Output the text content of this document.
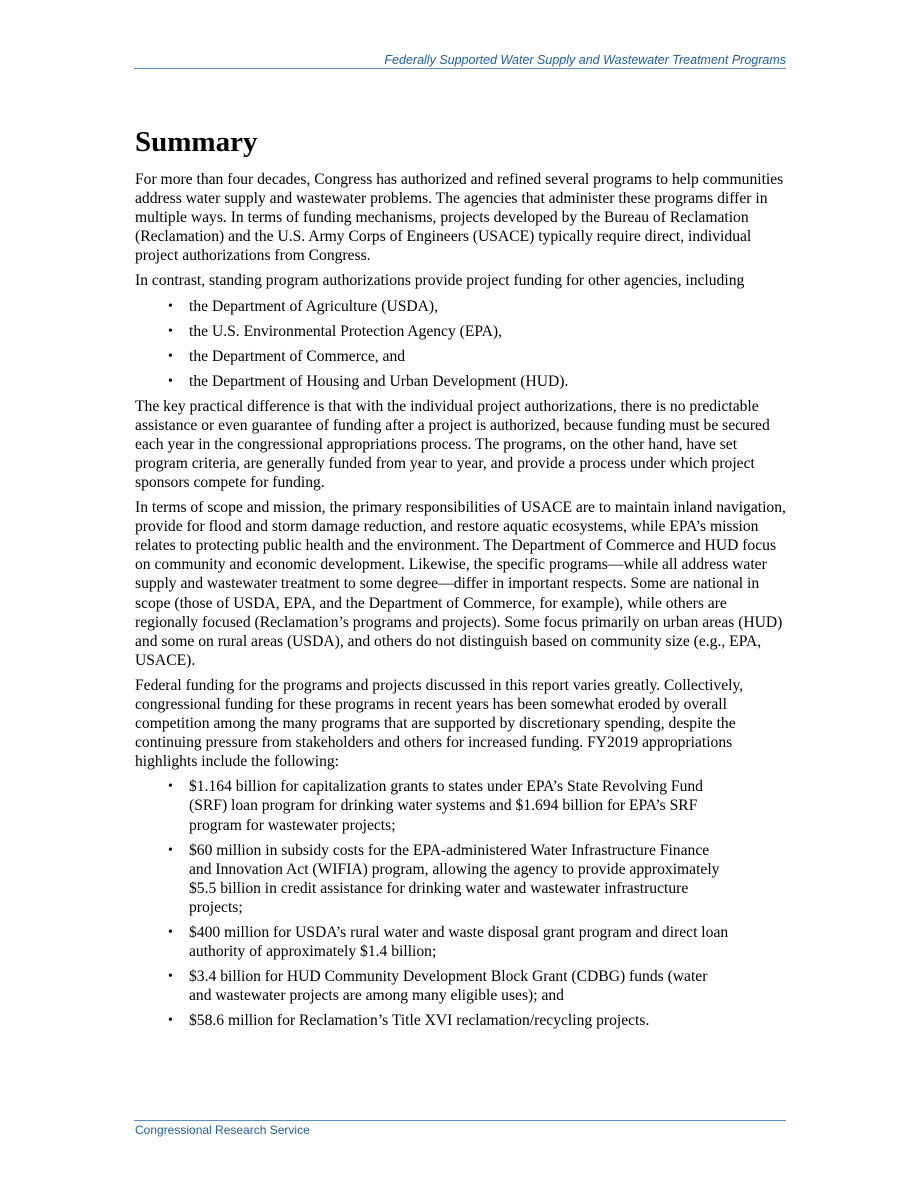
Federally Supported Water Supply and Wastewater Treatment Programs
Summary

For more than four decades, Congress has authorized and refined several programs to help communities address water supply and wastewater problems. The agencies that administer these programs differ in multiple ways. In terms of funding mechanisms, projects developed by the Bureau of Reclamation (Reclamation) and the U.S. Army Corps of Engineers (USACE) typically require direct, individual project authorizations from Congress.

In contrast, standing program authorizations provide project funding for other agencies, including

• the Department of Agriculture (USDA),
• the U.S. Environmental Protection Agency (EPA),
• the Department of Commerce, and
• the Department of Housing and Urban Development (HUD).

The key practical difference is that with the individual project authorizations, there is no predictable assistance or even guarantee of funding after a project is authorized, because funding must be secured each year in the congressional appropriations process. The programs, on the other hand, have set program criteria, are generally funded from year to year, and provide a process under which project sponsors compete for funding.

In terms of scope and mission, the primary responsibilities of USACE are to maintain inland navigation, provide for flood and storm damage reduction, and restore aquatic ecosystems, while EPA’s mission relates to protecting public health and the environment. The Department of Commerce and HUD focus on community and economic development. Likewise, the specific programs—while all address water supply and wastewater treatment to some degree—differ in important respects. Some are national in scope (those of USDA, EPA, and the Department of Commerce, for example), while others are regionally focused (Reclamation’s programs and projects). Some focus primarily on urban areas (HUD) and some on rural areas (USDA), and others do not distinguish based on community size (e.g., EPA, USACE).

Federal funding for the programs and projects discussed in this report varies greatly. Collectively, congressional funding for these programs in recent years has been somewhat eroded by overall competition among the many programs that are supported by discretionary spending, despite the continuing pressure from stakeholders and others for increased funding. FY2019 appropriations highlights include the following:

• $1.164 billion for capitalization grants to states under EPA’s State Revolving Fund (SRF) loan program for drinking water systems and $1.694 billion for EPA’s SRF program for wastewater projects;
• $60 million in subsidy costs for the EPA-administered Water Infrastructure Finance and Innovation Act (WIFIA) program, allowing the agency to provide approximately $5.5 billion in credit assistance for drinking water and wastewater infrastructure projects;
• $400 million for USDA’s rural water and waste disposal grant program and direct loan authority of approximately $1.4 billion;
• $3.4 billion for HUD Community Development Block Grant (CDBG) funds (water and wastewater projects are among many eligible uses); and
• $58.6 million for Reclamation’s Title XVI reclamation/recycling projects.
Congressional Research Service
